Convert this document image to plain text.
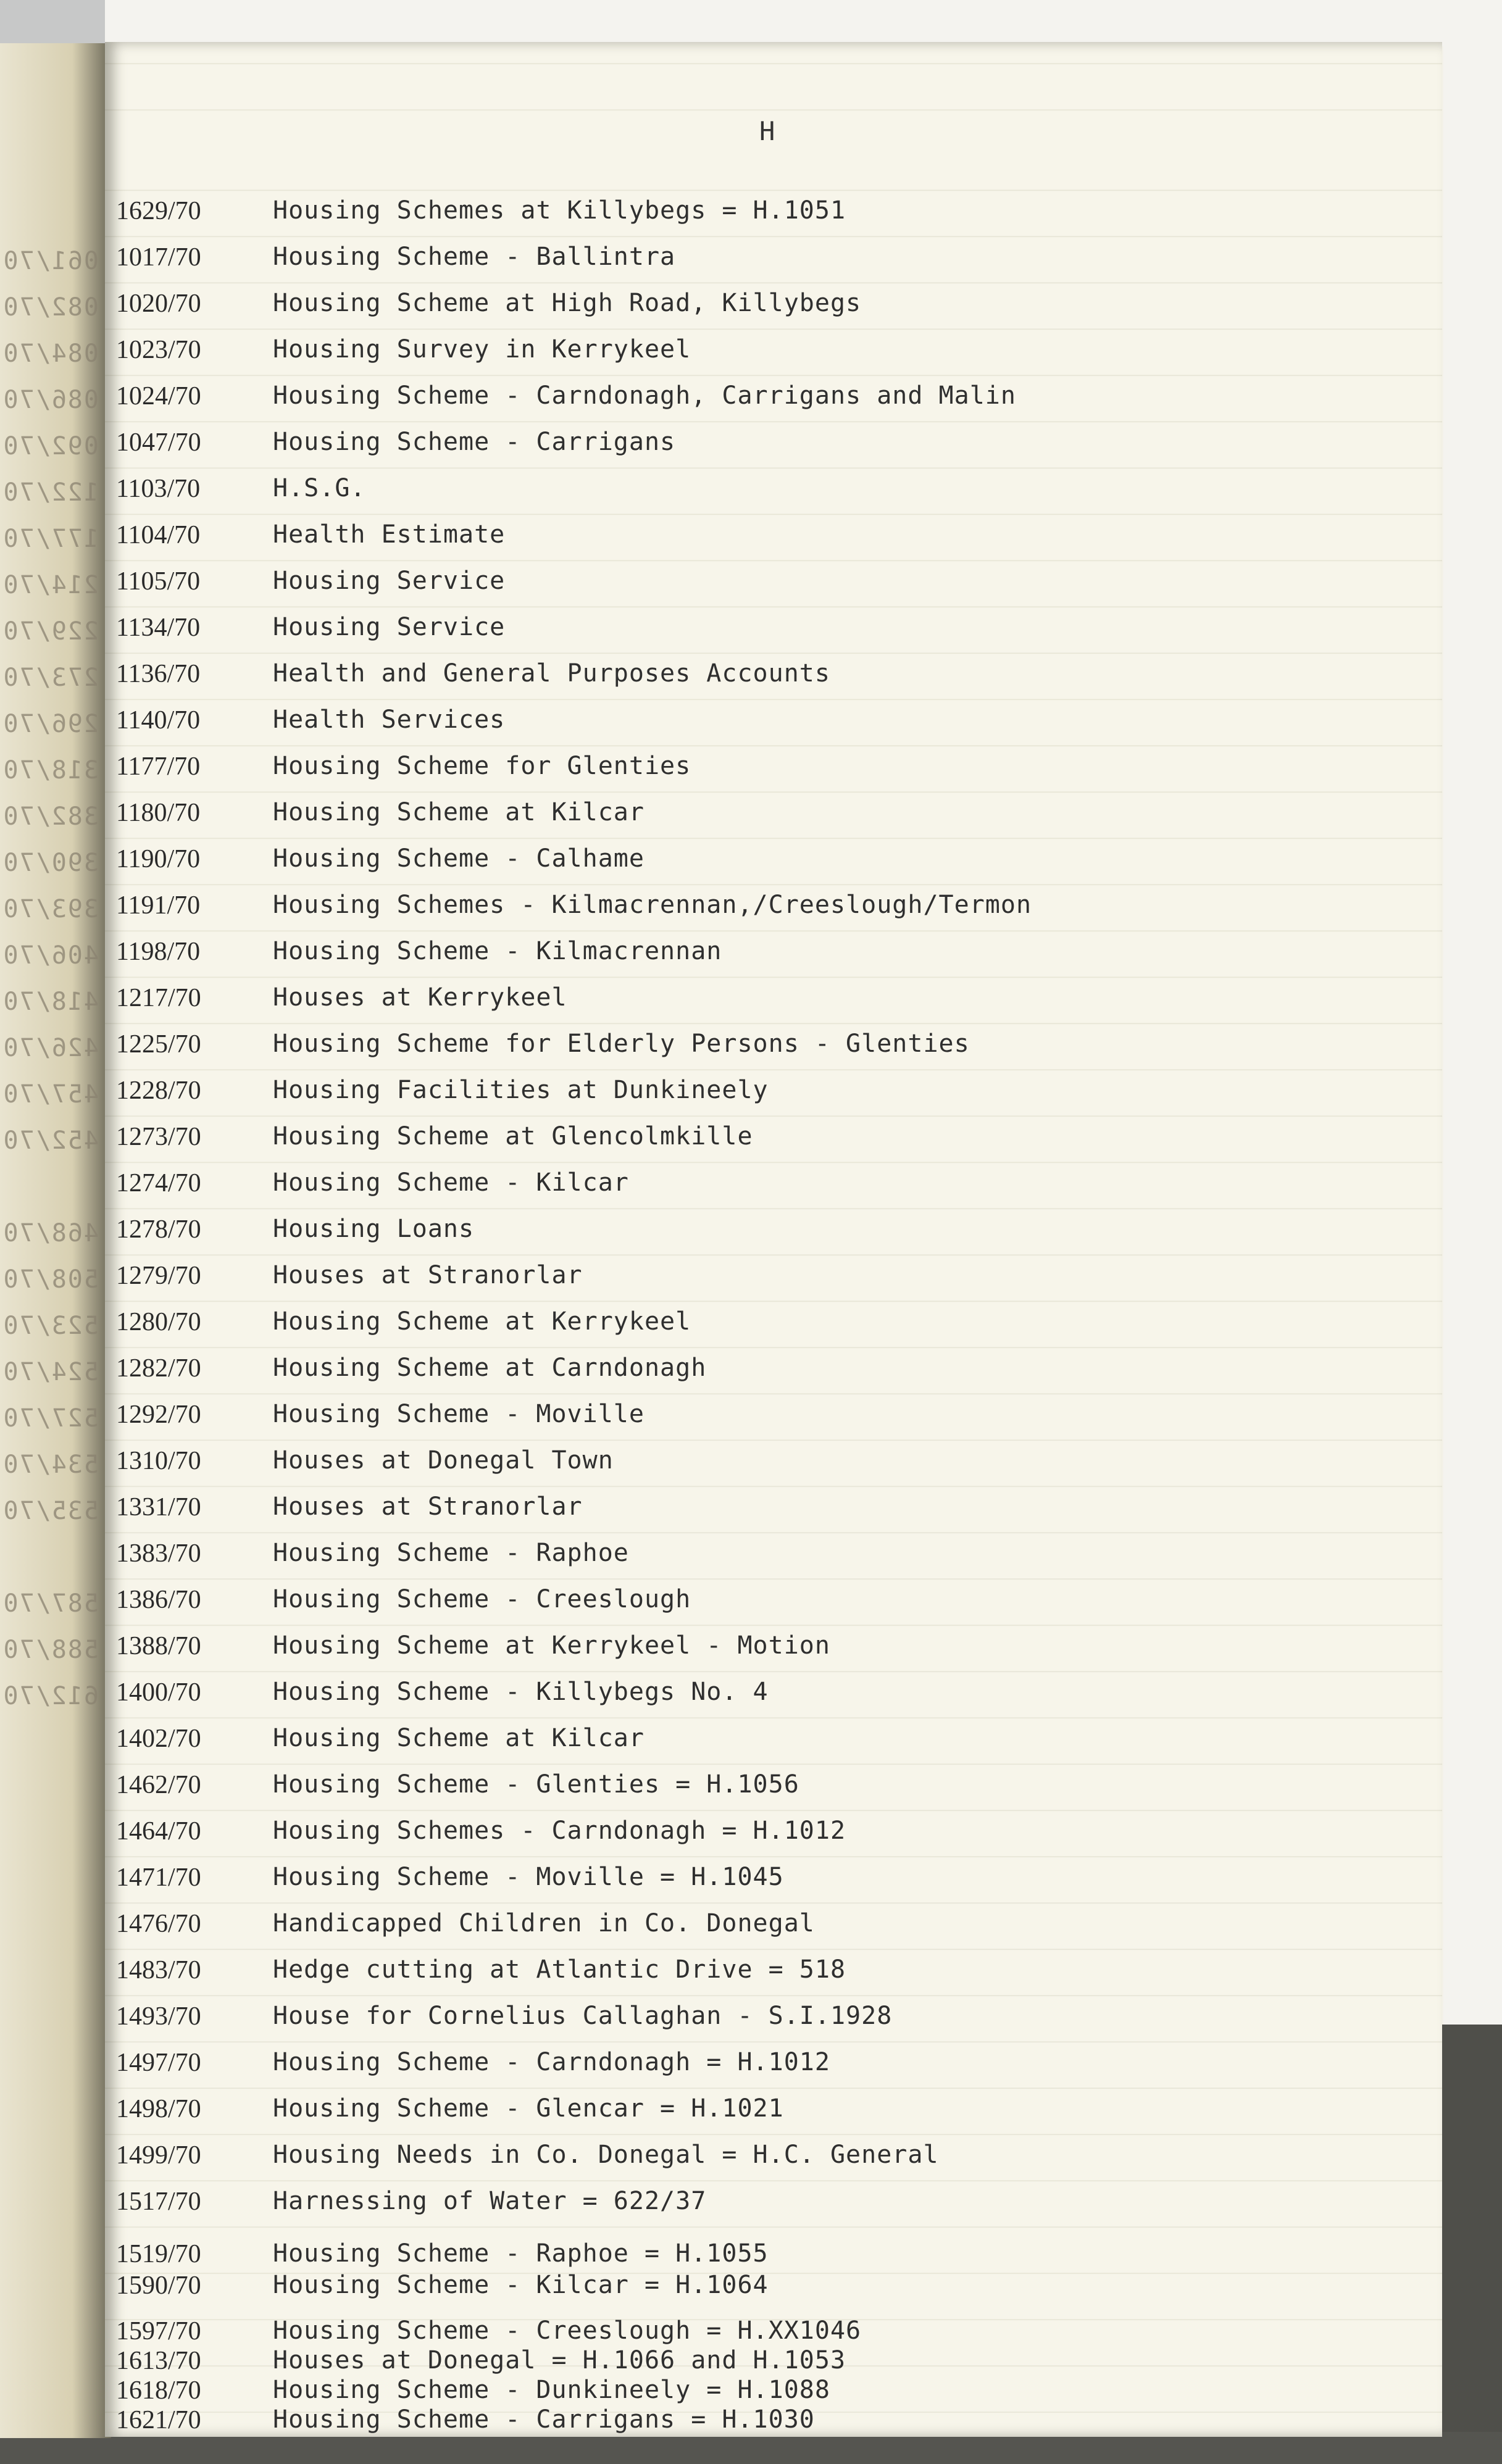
061/70
082/70
084/70
086/70
092/70
122/70
177/70
214/70
229/70
273/70
296/70
318/70
382/70
390/70
393/70
406/70
418/70
426/70
457/70
452/70
468/70
508/70
523/70
524/70
527/70
534/70
535/70
587/70
588/70
612/70
H
1629/70	Housing Schemes at Killybegs = H.1051
1017/70	Housing Scheme - Ballintra
1020/70	Housing Scheme at High Road, Killybegs
1023/70	Housing Survey in Kerrykeel
1024/70	Housing Scheme - Carndonagh, Carrigans and Malin
1047/70	Housing Scheme - Carrigans
1103/70	H.S.G.
1104/70	Health Estimate
1105/70	Housing Service
1134/70	Housing Service
1136/70	Health and General Purposes Accounts
1140/70	Health Services
1177/70	Housing Scheme for Glenties
1180/70	Housing Scheme at Kilcar
1190/70	Housing Scheme - Calhame
1191/70	Housing Schemes - Kilmacrennan,/Creeslough/Termon
1198/70	Housing Scheme - Kilmacrennan
1217/70	Houses at Kerrykeel
1225/70	Housing Scheme for Elderly Persons - Glenties
1228/70	Housing Facilities at Dunkineely
1273/70	Housing Scheme at Glencolmkille
1274/70	Housing Scheme - Kilcar
1278/70	Housing Loans
1279/70	Houses at Stranorlar
1280/70	Housing Scheme at Kerrykeel
1282/70	Housing Scheme at Carndonagh
1292/70	Housing Scheme - Moville
1310/70	Houses at Donegal Town
1331/70	Houses at Stranorlar
1383/70	Housing Scheme - Raphoe
1386/70	Housing Scheme - Creeslough
1388/70	Housing Scheme at Kerrykeel - Motion
1400/70	Housing Scheme - Killybegs No. 4
1402/70	Housing Scheme at Kilcar
1462/70	Housing Scheme - Glenties = H.1056
1464/70	Housing Schemes - Carndonagh = H.1012
1471/70	Housing Scheme - Moville = H.1045
1476/70	Handicapped Children in Co. Donegal
1483/70	Hedge cutting at Atlantic Drive = 518
1493/70	House for Cornelius Callaghan - S.I.1928
1497/70	Housing Scheme - Carndonagh = H.1012
1498/70	Housing Scheme - Glencar = H.1021
1499/70	Housing Needs in Co. Donegal = H.C. General
1517/70	Harnessing of Water = 622/37
1519/70	Housing Scheme - Raphoe = H.1055
1590/70	Housing Scheme - Kilcar = H.1064
1597/70	Housing Scheme - Creeslough = H.XX1046
1613/70	Houses at Donegal = H.1066 and H.1053
1618/70	Housing Scheme - Dunkineely = H.1088
1621/70	Housing Scheme - Carrigans = H.1030
